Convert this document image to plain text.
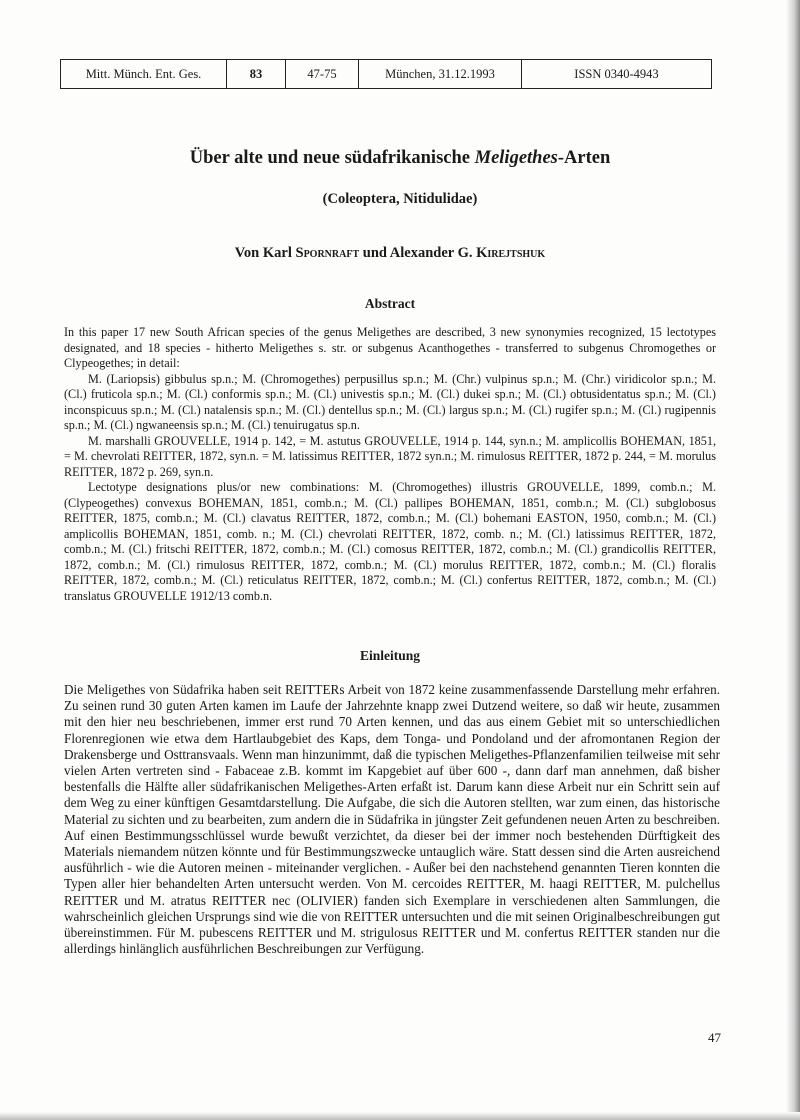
Mitt. Münch. Ent. Ges.	83	47-75	München, 31.12.1993	ISSN 0340-4943
Über alte und neue südafrikanische Meligethes-Arten
(Coleoptera, Nitidulidae)
Von Karl Spornraft und Alexander G. Kirejtshuk
Abstract

In this paper 17 new South African species of the genus Meligethes are described, 3 new synonymies recognized, 15 lectotypes designated, and 18 species - hitherto Meligethes s. str. or subgenus Acanthogethes - transferred to subgenus Chromogethes or Clypeogethes; in detail:

M. (Lariopsis) gibbulus sp.n.; M. (Chromogethes) perpusillus sp.n.; M. (Chr.) vulpinus sp.n.; M. (Chr.) viridicolor sp.n.; M. (Cl.) fruticola sp.n.; M. (Cl.) conformis sp.n.; M. (Cl.) univestis sp.n.; M. (Cl.) dukei sp.n.; M. (Cl.) obtusidentatus sp.n.; M. (Cl.) inconspicuus sp.n.; M. (Cl.) natalensis sp.n.; M. (Cl.) dentellus sp.n.; M. (Cl.) largus sp.n.; M. (Cl.) rugifer sp.n.; M. (Cl.) rugipennis sp.n.; M. (Cl.) ngwaneensis sp.n.; M. (Cl.) tenuirugatus sp.n.

M. marshalli GROUVELLE, 1914 p. 142, = M. astutus GROUVELLE, 1914 p. 144, syn.n.; M. amplicollis BOHEMAN, 1851, = M. chevrolati REITTER, 1872, syn.n. = M. latissimus REITTER, 1872 syn.n.; M. rimulosus REITTER, 1872 p. 244, = M. morulus REITTER, 1872 p. 269, syn.n.

Lectotype designations plus/or new combinations: M. (Chromogethes) illustris GROUVELLE, 1899, comb.n.; M. (Clypeogethes) convexus BOHEMAN, 1851, comb.n.; M. (Cl.) pallipes BOHEMAN, 1851, comb.n.; M. (Cl.) subglobosus REITTER, 1875, comb.n.; M. (Cl.) clavatus REITTER, 1872, comb.n.; M. (Cl.) bohemani EASTON, 1950, comb.n.; M. (Cl.) amplicollis BOHEMAN, 1851, comb. n.; M. (Cl.) chevrolati REITTER, 1872, comb. n.; M. (Cl.) latissimus REITTER, 1872, comb.n.; M. (Cl.) fritschi REITTER, 1872, comb.n.; M. (Cl.) comosus REITTER, 1872, comb.n.; M. (Cl.) grandicollis REITTER, 1872, comb.n.; M. (Cl.) rimulosus REITTER, 1872, comb.n.; M. (Cl.) morulus REITTER, 1872, comb.n.; M. (Cl.) floralis REITTER, 1872, comb.n.; M. (Cl.) reticulatus REITTER, 1872, comb.n.; M. (Cl.) confertus REITTER, 1872, comb.n.; M. (Cl.) translatus GROUVELLE 1912/13 comb.n.

Einleitung

Die Meligethes von Südafrika haben seit REITTERs Arbeit von 1872 keine zusammenfassende Darstellung mehr erfahren. Zu seinen rund 30 guten Arten kamen im Laufe der Jahrzehnte knapp zwei Dutzend weitere, so daß wir heute, zusammen mit den hier neu beschriebenen, immer erst rund 70 Arten kennen, und das aus einem Gebiet mit so unterschiedlichen Florenregionen wie etwa dem Hartlaubgebiet des Kaps, dem Tonga- und Pondoland und der afromontanen Region der Drakensberge und Osttransvaals. Wenn man hinzunimmt, daß die typischen Meligethes-Pflanzenfamilien teilweise mit sehr vielen Arten vertreten sind - Fabaceae z.B. kommt im Kapgebiet auf über 600 -, dann darf man annehmen, daß bisher bestenfalls die Hälfte aller südafrikanischen Meligethes-Arten erfaßt ist. Darum kann diese Arbeit nur ein Schritt sein auf dem Weg zu einer künftigen Gesamtdarstellung. Die Aufgabe, die sich die Autoren stellten, war zum einen, das historische Material zu sichten und zu bearbeiten, zum andern die in Südafrika in jüngster Zeit gefundenen neuen Arten zu beschreiben. Auf einen Bestimmungsschlüssel wurde bewußt verzichtet, da dieser bei der immer noch bestehenden Dürftigkeit des Materials niemandem nützen könnte und für Bestimmungszwecke untauglich wäre. Statt dessen sind die Arten ausreichend ausführlich - wie die Autoren meinen - miteinander verglichen. - Außer bei den nachstehend genannten Tieren konnten die Typen aller hier behandelten Arten untersucht werden. Von M. cercoides REITTER, M. haagi REITTER, M. pulchellus REITTER und M. atratus REITTER nec (OLIVIER) fanden sich Exemplare in verschiedenen alten Sammlungen, die wahrscheinlich gleichen Ursprungs sind wie die von REITTER untersuchten und die mit seinen Originalbeschreibungen gut übereinstimmen. Für M. pubescens REITTER und M. strigulosus REITTER und M. confertus REITTER standen nur die allerdings hinlänglich ausführlichen Beschreibungen zur Verfügung.

47
